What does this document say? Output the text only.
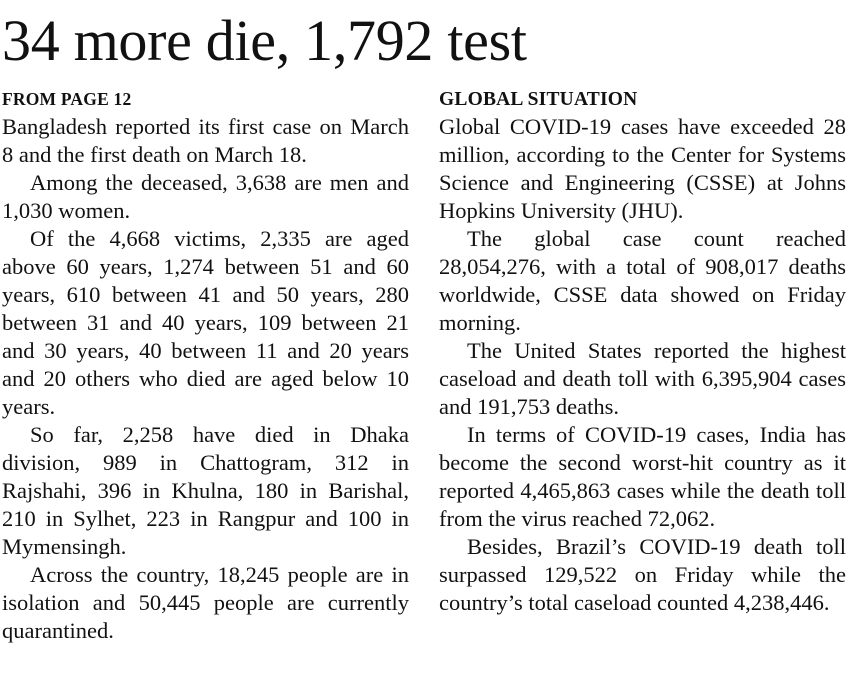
34 more die, 1,792 test
FROM PAGE 12

Bangladesh reported its first case on March 8 and the first death on March 18.

Among the deceased, 3,638 are men and 1,030 women.

Of the 4,668 victims, 2,335 are aged above 60 years, 1,274 between 51 and 60 years, 610 between 41 and 50 years, 280 between 31 and 40 years, 109 between 21 and 30 years, 40 between 11 and 20 years and 20 others who died are aged below 10 years.

So far, 2,258 have died in Dhaka division, 989 in Chattogram, 312 in Rajshahi, 396 in Khulna, 180 in Barishal, 210 in Sylhet, 223 in Rangpur and 100 in Mymensingh.

Across the country, 18,245 people are in isolation and 50,445 people are currently quarantined.

GLOBAL SITUATION

Global COVID-19 cases have exceeded 28 million, according to the Center for Systems Science and Engineering (CSSE) at Johns Hopkins University (JHU).

The global case count reached 28,054,276, with a total of 908,017 deaths worldwide, CSSE data showed on Friday morning.

The United States reported the highest caseload and death toll with 6,395,904 cases and 191,753 deaths.

In terms of COVID-19 cases, India has become the second worst-hit country as it reported 4,465,863 cases while the death toll from the virus reached 72,062.

Besides, Brazil’s COVID-19 death toll surpassed 129,522 on Friday while the country’s total caseload counted 4,238,446.
